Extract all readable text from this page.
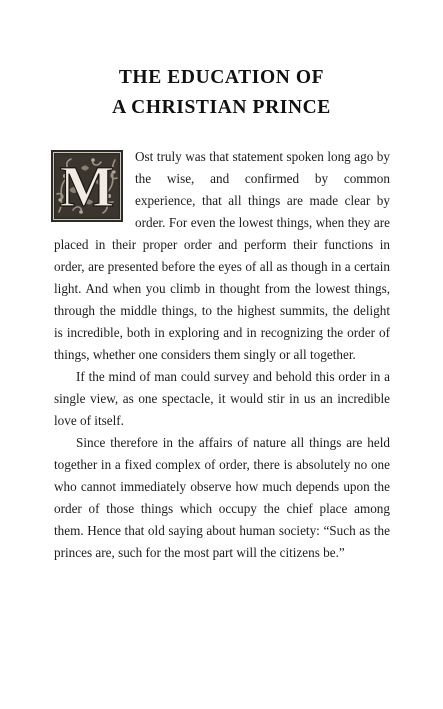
THE EDUCATION OF
A CHRISTIAN PRINCE
M	Ost truly was that statement spoken long ago by the wise, and confirmed by common experience, that all things are made clear by order. For even the lowest things, when they are placed in their proper order and perform their functions in order, are presented before the eyes of all as though in a certain light. And when you climb in thought from the lowest things, through the middle things, to the highest summits, the delight is incredible, both in exploring and in recognizing the order of things, whether one considers them singly or all together.

If the mind of man could survey and behold this order in a single view, as one spectacle, it would stir in us an incredible love of itself.

Since therefore in the affairs of nature all things are held together in a fixed complex of order, there is absolutely no one who cannot immediately observe how much depends upon the order of those things which occupy the chief place among them. Hence that old saying about human society: “Such as the princes are, such for the most part will the citizens be.”
